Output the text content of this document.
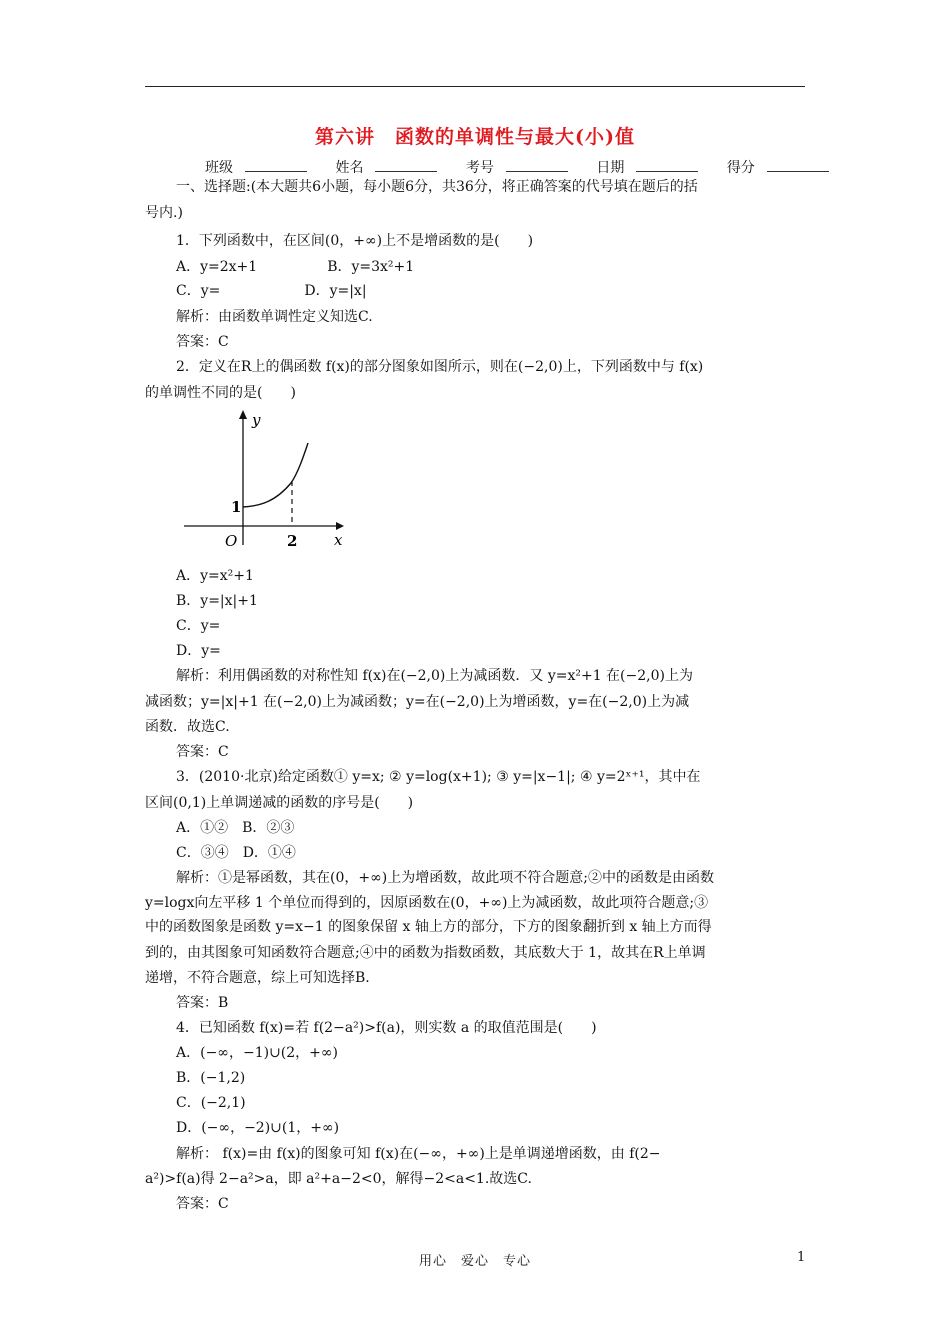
第六讲　函数的单调性与最大(小)值
班级	姓名	考号	日期	得分
一、选择题:(本大题共6小题，每小题6分，共36分，将正确答案的代号填在题后的括
号内.)
1．下列函数中，在区间(0，+∞)上不是增函数的是(　　)
A．y=2x+1　　　　　B．y=3x²+1
C．y=　　　　　　D．y=|x|
解析：由函数单调性定义知选C.
答案：C
2．定义在R上的偶函数 f(x)的部分图象如图所示，则在(−2,0)上，下列函数中与 f(x)
的单调性不同的是(　　)
A．y=x²+1
B．y=|x|+1
C．y=
D．y=
解析：利用偶函数的对称性知 f(x)在(−2,0)上为减函数．又 y=x²+1 在(−2,0)上为
减函数；y=|x|+1 在(−2,0)上为减函数；y=在(−2,0)上为增函数，y=在(−2,0)上为减
函数．故选C.
答案：C
3．(2010·北京)给定函数① y=x; ② y=log(x+1); ③ y=|x−1|; ④ y=2ˣ⁺¹，其中在
区间(0,1)上单调递减的函数的序号是(　　)
A．①②　B．②③
C．③④　D．①④
解析：①是幂函数，其在(0，+∞)上为增函数，故此项不符合题意;②中的函数是由函数
y=logx向左平移 1 个单位而得到的，因原函数在(0，+∞)上为减函数，故此项符合题意;③
中的函数图象是函数 y=x−1 的图象保留 x 轴上方的部分，下方的图象翻折到 x 轴上方而得
到的，由其图象可知函数符合题意;④中的函数为指数函数，其底数大于 1，故其在R上单调
递增，不符合题意，综上可知选择B.
答案：B
4．已知函数 f(x)=若 f(2−a²)>f(a)，则实数 a 的取值范围是(　　)
A．(−∞，−1)∪(2，+∞)
B．(−1,2)
C．(−2,1)
D．(−∞，−2)∪(1，+∞)
解析： f(x)=由 f(x)的图象可知 f(x)在(−∞，+∞)上是单调递增函数，由 f(2−
a²)>f(a)得 2−a²>a，即 a²+a−2<0，解得−2<a<1.故选C.
答案：C
y
x
O
1
2
用心　爱心　专心	1
